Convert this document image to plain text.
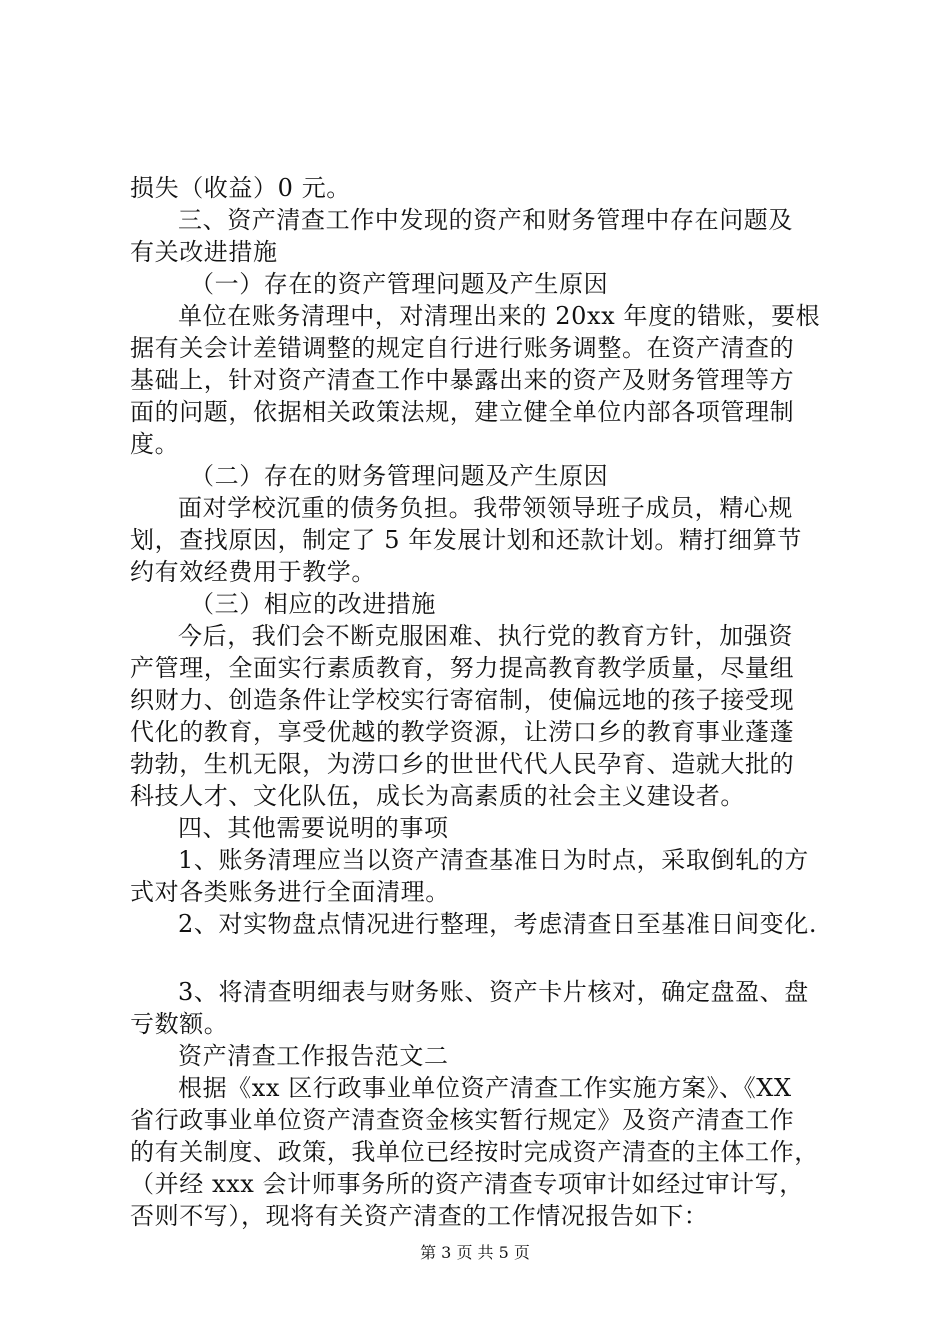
损失（收益）0 元。
三、资产清查工作中发现的资产和财务管理中存在问题及
有关改进措施
（一）存在的资产管理问题及产生原因
单位在账务清理中，对清理出来的 20xx 年度的错账，要根
据有关会计差错调整的规定自行进行账务调整。在资产清查的
基础上，针对资产清查工作中暴露出来的资产及财务管理等方
面的问题，依据相关政策法规，建立健全单位内部各项管理制
度。
（二）存在的财务管理问题及产生原因
面对学校沉重的债务负担。我带领领导班子成员，精心规
划，查找原因，制定了 5 年发展计划和还款计划。精打细算节
约有效经费用于教学。
（三）相应的改进措施
今后，我们会不断克服困难、执行党的教育方针，加强资
产管理，全面实行素质教育，努力提高教育教学质量，尽量组
织财力、创造条件让学校实行寄宿制，使偏远地的孩子接受现
代化的教育，享受优越的教学资源，让涝口乡的教育事业蓬蓬
勃勃，生机无限，为涝口乡的世世代代人民孕育、造就大批的
科技人才、文化队伍，成长为高素质的社会主义建设者。
四、其他需要说明的事项
1、账务清理应当以资产清查基准日为时点，采取倒轧的方
式对各类账务进行全面清理。
2、对实物盘点情况进行整理，考虑清查日至基准日间变化.
3、将清查明细表与财务账、资产卡片核对，确定盘盈、盘
亏数额。
资产清查工作报告范文二
根据《xx 区行政事业单位资产清查工作实施方案》、《XX
省行政事业单位资产清查资金核实暂行规定》及资产清查工作
的有关制度、政策，我单位已经按时完成资产清查的主体工作，
（并经 xxx 会计师事务所的资产清查专项审计如经过审计写，
否则不写），现将有关资产清查的工作情况报告如下：
第 3 页 共 5 页
